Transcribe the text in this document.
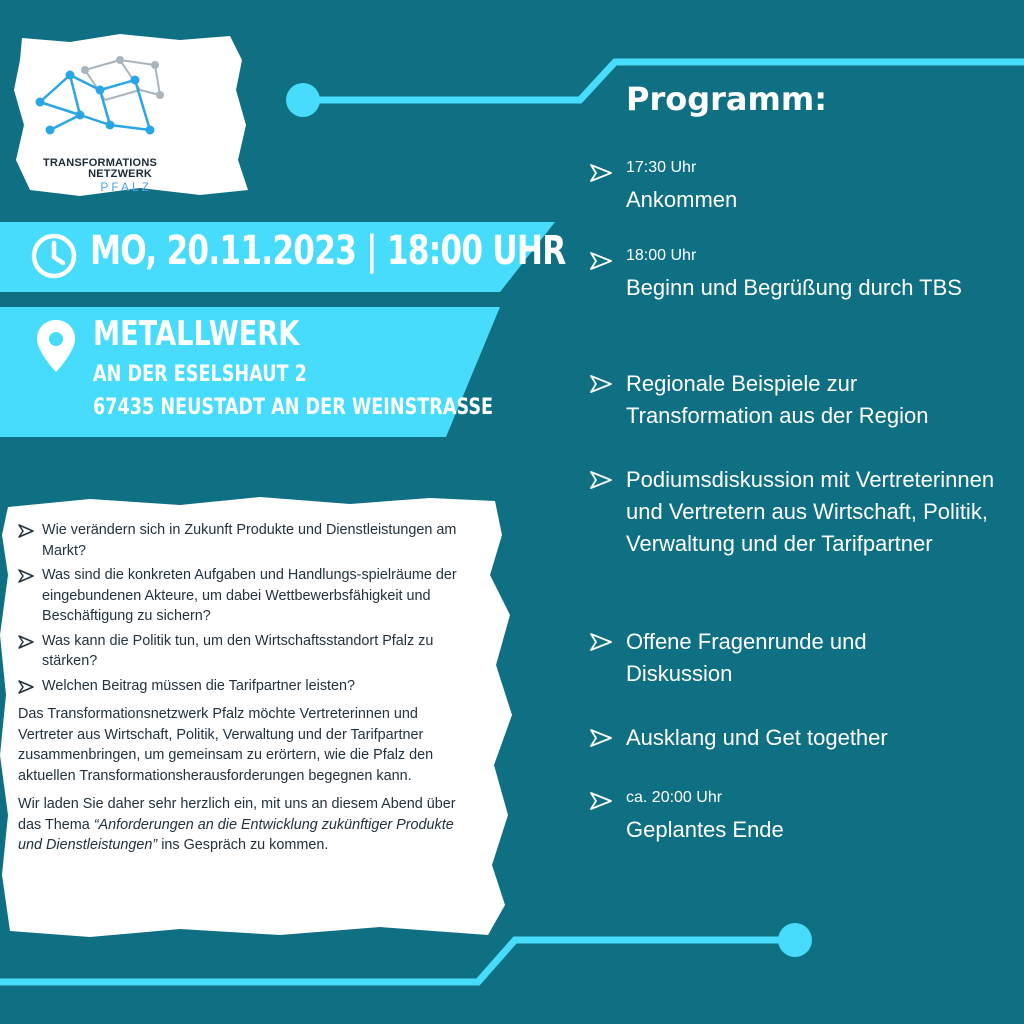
TRANSFORMATIONS
NETZWERK
PFALZ
MO, 20.11.2023 | 18:00 UHR
METALLWERK
AN DER ESELSHAUT 2
67435 NEUSTADT AN DER WEINSTRASSE
Wie verändern sich in Zukunft Produkte und Dienstleistungen am Markt?
Was sind die konkreten Aufgaben und Handlungs-spielräume der eingebundenen Akteure, um dabei Wettbewerbsfähigkeit und Beschäftigung zu sichern?
Was kann die Politik tun, um den Wirtschaftsstandort Pfalz zu stärken?
Welchen Beitrag müssen die Tarifpartner leisten?

Das Transformationsnetzwerk Pfalz möchte Vertreterinnen und Vertreter aus Wirtschaft, Politik, Verwaltung und der Tarifpartner zusammenbringen, um gemeinsam zu erörtern, wie die Pfalz den aktuellen Transformationsherausforderungen begegnen kann.

Wir laden Sie daher sehr herzlich ein, mit uns an diesem Abend über das Thema “Anforderungen an die Entwicklung zukünftiger Produkte und Dienstleistungen” ins Gespräch zu kommen.

Programm:
17:30 Uhr
Ankommen
18:00 Uhr
Beginn und Begrüßung durch TBS
Regionale Beispiele zur Transformation aus der Region
Podiumsdiskussion mit Vertreterinnen und Vertretern aus Wirtschaft, Politik, Verwaltung und der Tarifpartner
Offene Fragenrunde und Diskussion
Ausklang und Get together
ca. 20:00 Uhr
Geplantes Ende
